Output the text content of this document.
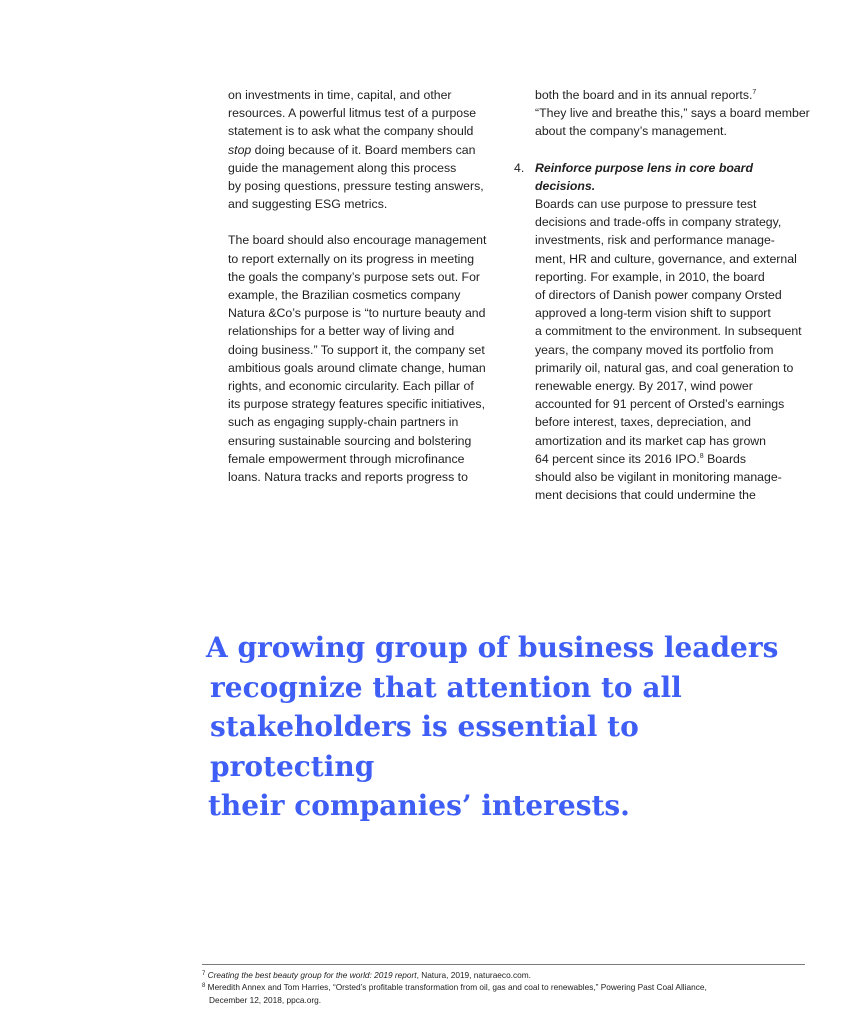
on investments in time, capital, and other
resources. A powerful litmus test of a purpose
statement is to ask what the company should
stop doing because of it. Board members can
guide the management along this process
by posing questions, pressure testing answers,
and suggesting ESG metrics.

The board should also encourage management
to report externally on its progress in meeting
the goals the company’s purpose sets out. For
example, the Brazilian cosmetics company
Natura &Co’s purpose is “to nurture beauty and
relationships for a better way of living and
doing business.” To support it, the company set
ambitious goals around climate change, human
rights, and economic circularity. Each pillar of
its purpose strategy features specific initiatives,
such as engaging supply-chain partners in
ensuring sustainable sourcing and bolstering
female empowerment through microfinance
loans. Natura tracks and reports progress to

both the board and in its annual reports.$^7$
“They live and breathe this,” says a board member
about the company’s management.

4. Reinforce purpose lens in core board decisions.
Boards can use purpose to pressure test
decisions and trade-offs in company strategy,
investments, risk and performance manage-
ment, HR and culture, governance, and external
reporting. For example, in 2010, the board
of directors of Danish power company Orsted
approved a long-term vision shift to support
a commitment to the environment. In subsequent
years, the company moved its portfolio from
primarily oil, natural gas, and coal generation to
renewable energy. By 2017, wind power
accounted for 91 percent of Orsted’s earnings
before interest, taxes, depreciation, and
amortization and its market cap has grown
64 percent since its 2016 IPO.$^8$ Boards
should also be vigilant in monitoring manage-
ment decisions that could undermine the

A growing group of business leaders
recognize that attention to all
stakeholders is essential to protecting
their companies’ interests.

$^7$ Creating the best beauty group for the world: 2019 report, Natura, 2019, naturaeco.com.

$^8$ Meredith Annex and Tom Harries, “Orsted’s profitable transformation from oil, gas and coal to renewables,” Powering Past Coal Alliance,
December 12, 2018, ppca.org.
